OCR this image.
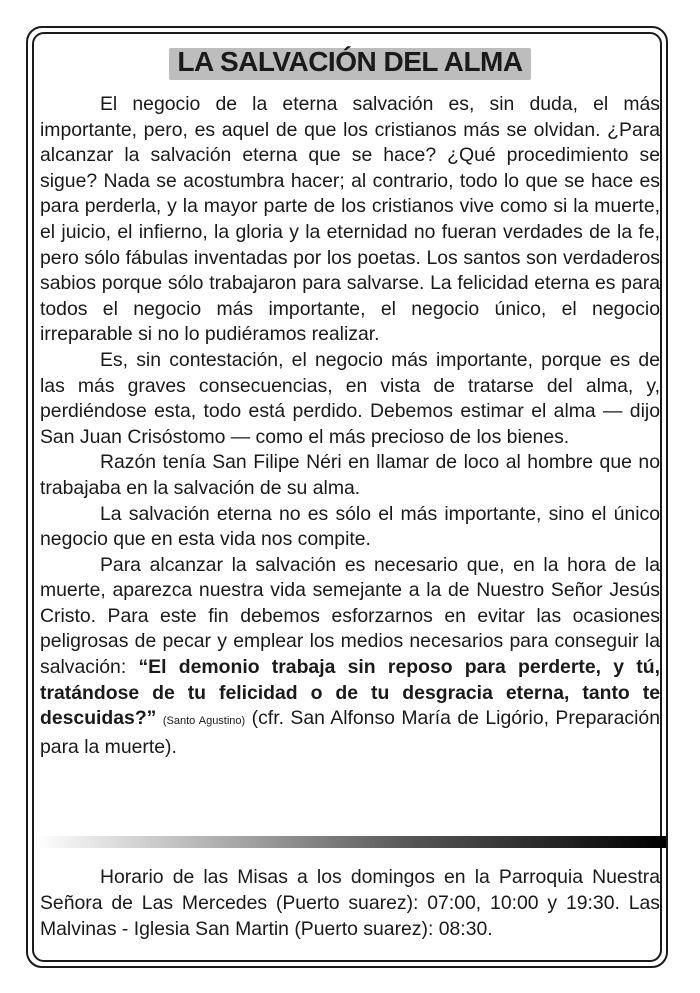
LA SALVACIÓN DEL ALMA

El negocio de la eterna salvación es, sin duda, el más importante, pero, es aquel de que los cristianos más se olvidan. ¿Para alcanzar la salvación eterna que se hace? ¿Qué procedimiento se sigue? Nada se acostumbra hacer; al contrario, todo lo que se hace es para perderla, y la mayor parte de los cristianos vive como si la muerte, el juicio, el infierno, la gloria y la eternidad no fueran verdades de la fe, pero sólo fábulas inventadas por los poetas. Los santos son verdaderos sabios porque sólo trabajaron para salvarse. La felicidad eterna es para todos el negocio más importante, el negocio único, el negocio irreparable si no lo pudiéramos realizar.

Es, sin contestación, el negocio más importante, porque es de las más graves consecuencias, en vista de tratarse del alma, y, perdiéndose esta, todo está perdido. Debemos estimar el alma — dijo San Juan Crisóstomo — como el más precioso de los bienes.

Razón tenía San Filipe Néri en llamar de loco al hombre que no trabajaba en la salvación de su alma.

La salvación eterna no es sólo el más importante, sino el único negocio que en esta vida nos compite.

Para alcanzar la salvación es necesario que, en la hora de la muerte, aparezca nuestra vida semejante a la de Nuestro Señor Jesús Cristo. Para este fin debemos esforzarnos en evitar las ocasiones peligrosas de pecar y emplear los medios necesarios para conseguir la salvación: “El demonio trabaja sin reposo para perderte, y tú, tratándose de tu felicidad o de tu desgracia eterna, tanto te descuidas?” (Santo Agustino) (cfr. San Alfonso María de Ligório, Preparación para la muerte).

Horario de las Misas a los domingos en la Parroquia Nuestra Señora de Las Mercedes (Puerto suarez): 07:00, 10:00 y 19:30. Las Malvinas - Iglesia San Martin (Puerto suarez): 08:30.
